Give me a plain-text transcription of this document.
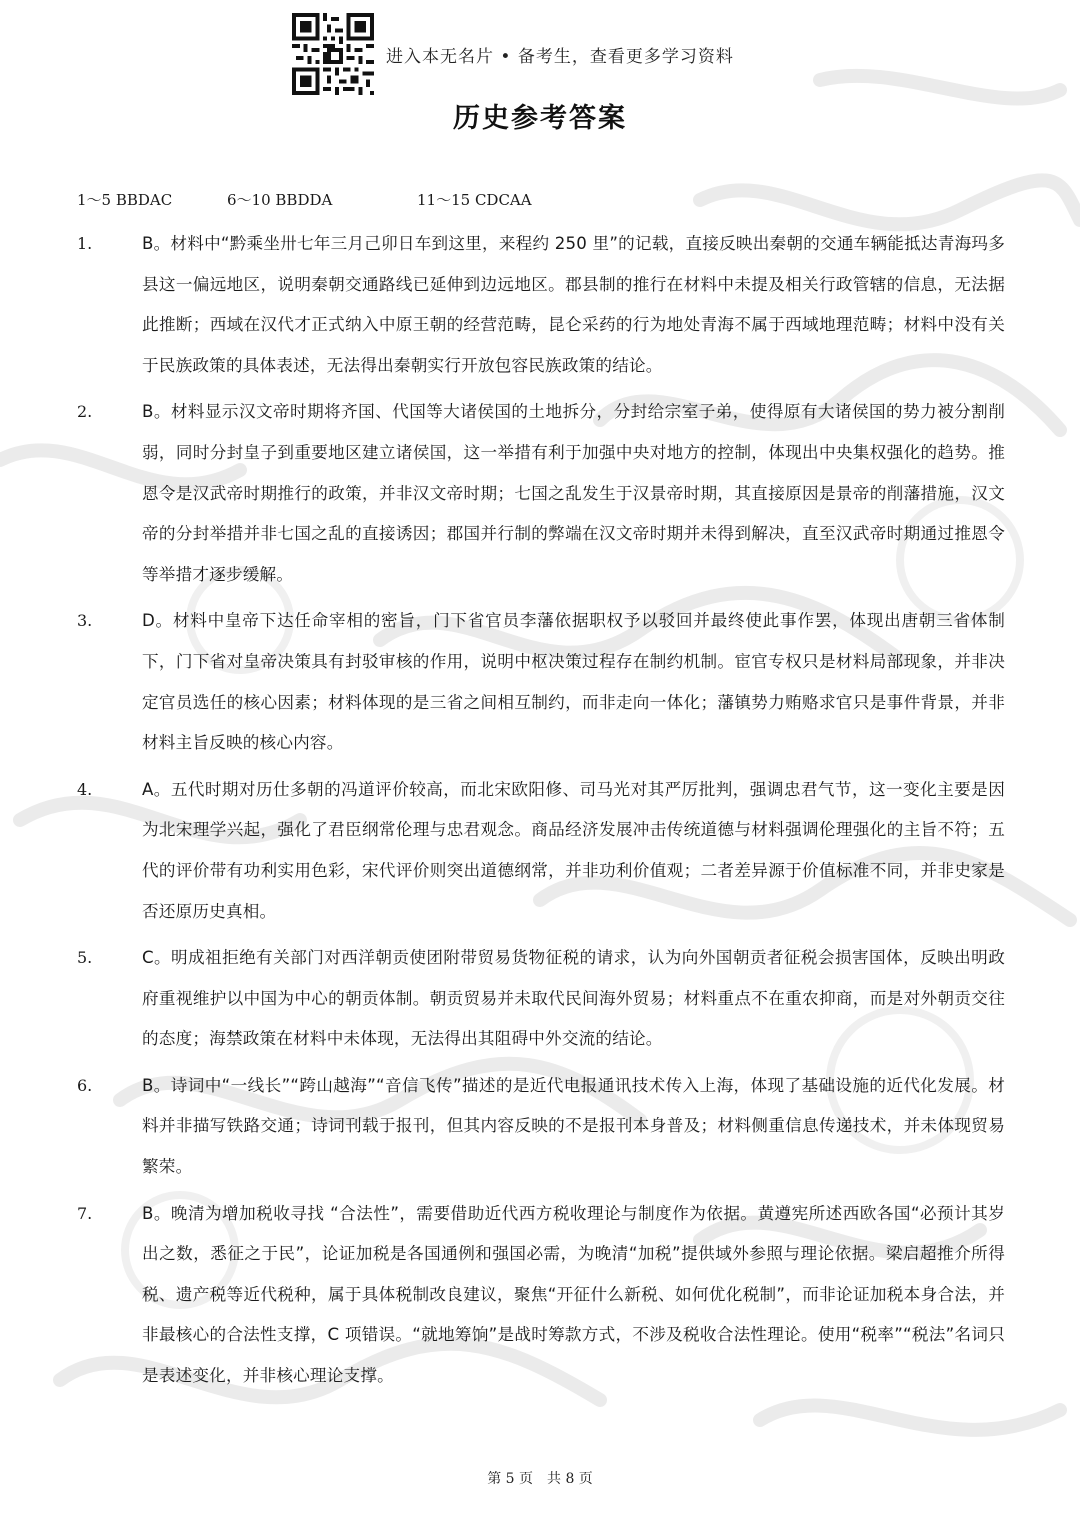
进入本无名片 • 备考生，查看更多学习资料
历史参考答案
1～5 BBDAC	6～10 BBDDA	11～15 CDCAA
1.	B。材料中“黔乘坐卅七年三月己卯日车到这里，来程约 250 里”的记载，直接反映出秦朝的交通车辆能抵达青海玛多县这一偏远地区，说明秦朝交通路线已延伸到边远地区。郡县制的推行在材料中未提及相关行政管辖的信息，无法据此推断；西域在汉代才正式纳入中原王朝的经营范畴，昆仑采药的行为地处青海不属于西域地理范畴；材料中没有关于民族政策的具体表述，无法得出秦朝实行开放包容民族政策的结论。
2.	B。材料显示汉文帝时期将齐国、代国等大诸侯国的土地拆分，分封给宗室子弟，使得原有大诸侯国的势力被分割削弱，同时分封皇子到重要地区建立诸侯国，这一举措有利于加强中央对地方的控制，体现出中央集权强化的趋势。推恩令是汉武帝时期推行的政策，并非汉文帝时期；七国之乱发生于汉景帝时期，其直接原因是景帝的削藩措施，汉文帝的分封举措并非七国之乱的直接诱因；郡国并行制的弊端在汉文帝时期并未得到解决，直至汉武帝时期通过推恩令等举措才逐步缓解。
3.	D。材料中皇帝下达任命宰相的密旨，门下省官员李藩依据职权予以驳回并最终使此事作罢，体现出唐朝三省体制下，门下省对皇帝决策具有封驳审核的作用，说明中枢决策过程存在制约机制。宦官专权只是材料局部现象，并非决定官员选任的核心因素；材料体现的是三省之间相互制约，而非走向一体化；藩镇势力贿赂求官只是事件背景，并非材料主旨反映的核心内容。
4.	A。五代时期对历仕多朝的冯道评价较高，而北宋欧阳修、司马光对其严厉批判，强调忠君气节，这一变化主要是因为北宋理学兴起，强化了君臣纲常伦理与忠君观念。商品经济发展冲击传统道德与材料强调伦理强化的主旨不符；五代的评价带有功利实用色彩，宋代评价则突出道德纲常，并非功利价值观；二者差异源于价值标准不同，并非史家是否还原历史真相。
5.	C。明成祖拒绝有关部门对西洋朝贡使团附带贸易货物征税的请求，认为向外国朝贡者征税会损害国体，反映出明政府重视维护以中国为中心的朝贡体制。朝贡贸易并未取代民间海外贸易；材料重点不在重农抑商，而是对外朝贡交往的态度；海禁政策在材料中未体现，无法得出其阻碍中外交流的结论。
6.	B。诗词中“一线长”“跨山越海”“音信飞传”描述的是近代电报通讯技术传入上海，体现了基础设施的近代化发展。材料并非描写铁路交通；诗词刊载于报刊，但其内容反映的不是报刊本身普及；材料侧重信息传递技术，并未体现贸易繁荣。
7.	B。晚清为增加税收寻找 “合法性”，需要借助近代西方税收理论与制度作为依据。黄遵宪所述西欧各国“必预计其岁出之数，悉征之于民”，论证加税是各国通例和强国必需，为晚清“加税”提供域外参照与理论依据。梁启超推介所得税、遗产税等近代税种，属于具体税制改良建议，聚焦“开征什么新税、如何优化税制”，而非论证加税本身合法，并非最核心的合法性支撑，C 项错误。“就地筹饷”是战时筹款方式，不涉及税收合法性理论。使用“税率”“税法”名词只是表述变化，并非核心理论支撑。
第 5 页　共 8 页
